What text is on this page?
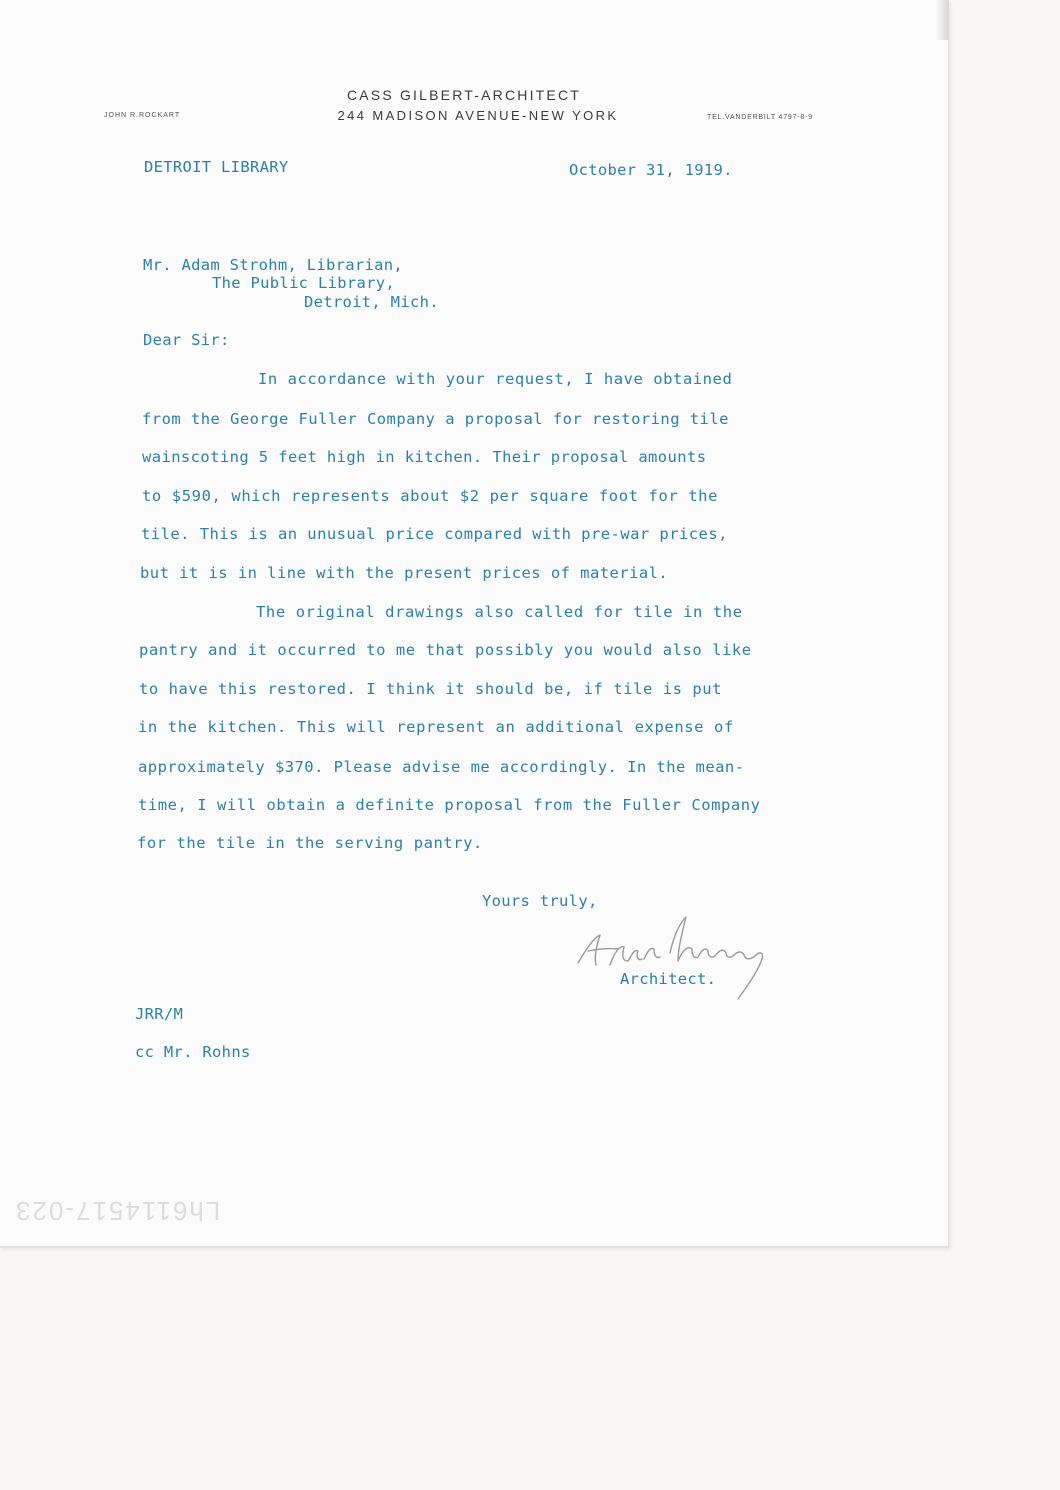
CASS GILBERT-ARCHITECT
JOHN R.ROCKART	244 MADISON AVENUE-NEW YORK	TEL.VANDERBILT 4797-8-9
DETROIT LIBRARY	October 31, 1919.
Mr. Adam Strohm, Librarian,
The Public Library,
Detroit, Mich.
Dear Sir:
In accordance with your request, I have obtained
from the George Fuller Company a proposal for restoring tile
wainscoting 5 feet high in kitchen. Their proposal amounts
to $590, which represents about $2 per square foot for the
tile. This is an unusual price compared with pre-war prices,
but it is in line with the present prices of material.
The original drawings also called for tile in the
pantry and it occurred to me that possibly you would also like
to have this restored. I think it should be, if tile is put
in the kitchen. This will represent an additional expense of
approximately $370. Please advise me accordingly. In the mean-
time, I will obtain a definite proposal from the Fuller Company
for the tile in the serving pantry.
Yours truly,
Architect.
JRR/M
cc Mr. Rohns
Lh6114517-023
